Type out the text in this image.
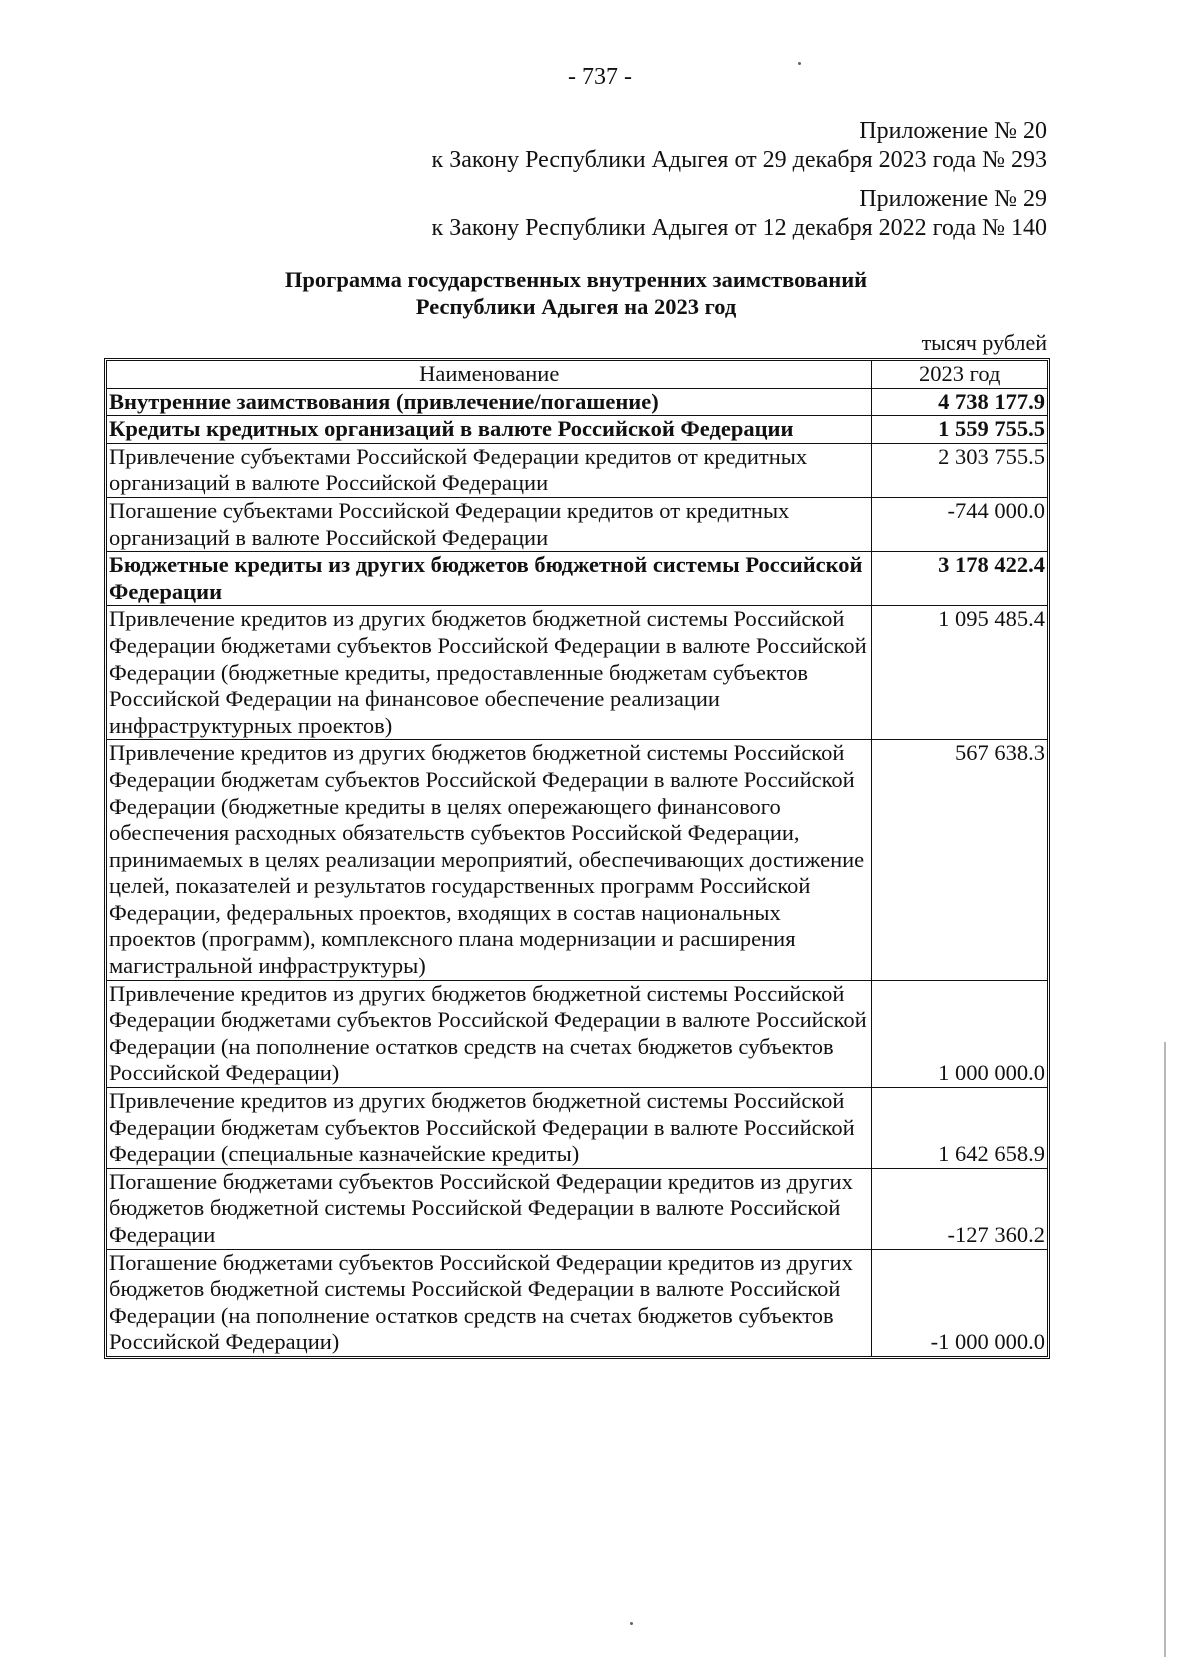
- 737 -
Приложение № 20
к Закону Республики Адыгея от 29 декабря 2023 года № 293
Приложение № 29
к Закону Республики Адыгея от 12 декабря 2022 года № 140
Программа государственных внутренних заимствований
Республики Адыгея на 2023 год
тысяч рублей
Наименование	2023 год
Внутренние заимствования (привлечение/погашение)	4 738 177.9
Кредиты кредитных организаций в валюте Российской Федерации	1 559 755.5
Привлечение субъектами Российской Федерации кредитов от кредитных организаций в валюте Российской Федерации	2 303 755.5
Погашение субъектами Российской Федерации кредитов от кредитных организаций в валюте Российской Федерации	-744 000.0
Бюджетные кредиты из других бюджетов бюджетной системы Российской Федерации	3 178 422.4
Привлечение кредитов из других бюджетов бюджетной системы Российской Федерации бюджетами субъектов Российской Федерации в валюте Российской Федерации (бюджетные кредиты, предоставленные бюджетам субъектов Российской Федерации на финансовое обеспечение реализации инфраструктурных проектов)	1 095 485.4
Привлечение кредитов из других бюджетов бюджетной системы Российской Федерации бюджетам субъектов Российской Федерации в валюте Российской Федерации (бюджетные кредиты в целях опережающего финансового обеспечения расходных обязательств субъектов Российской Федерации, принимаемых в целях реализации мероприятий, обеспечивающих достижение целей, показателей и результатов государственных программ Российской Федерации, федеральных проектов, входящих в состав национальных проектов (программ), комплексного плана модернизации и расширения магистральной инфраструктуры)	567 638.3
Привлечение кредитов из других бюджетов бюджетной системы Российской Федерации бюджетами субъектов Российской Федерации в валюте Российской Федерации (на пополнение остатков средств на счетах бюджетов субъектов Российской Федерации)	1 000 000.0
Привлечение кредитов из других бюджетов бюджетной системы Российской Федерации бюджетам субъектов Российской Федерации в валюте Российской Федерации (специальные казначейские кредиты)	1 642 658.9
Погашение бюджетами субъектов Российской Федерации кредитов из других бюджетов бюджетной системы Российской Федерации в валюте Российской Федерации	-127 360.2
Погашение бюджетами субъектов Российской Федерации кредитов из других бюджетов бюджетной системы Российской Федерации в валюте Российской Федерации (на пополнение остатков средств на счетах бюджетов субъектов Российской Федерации)	-1 000 000.0
